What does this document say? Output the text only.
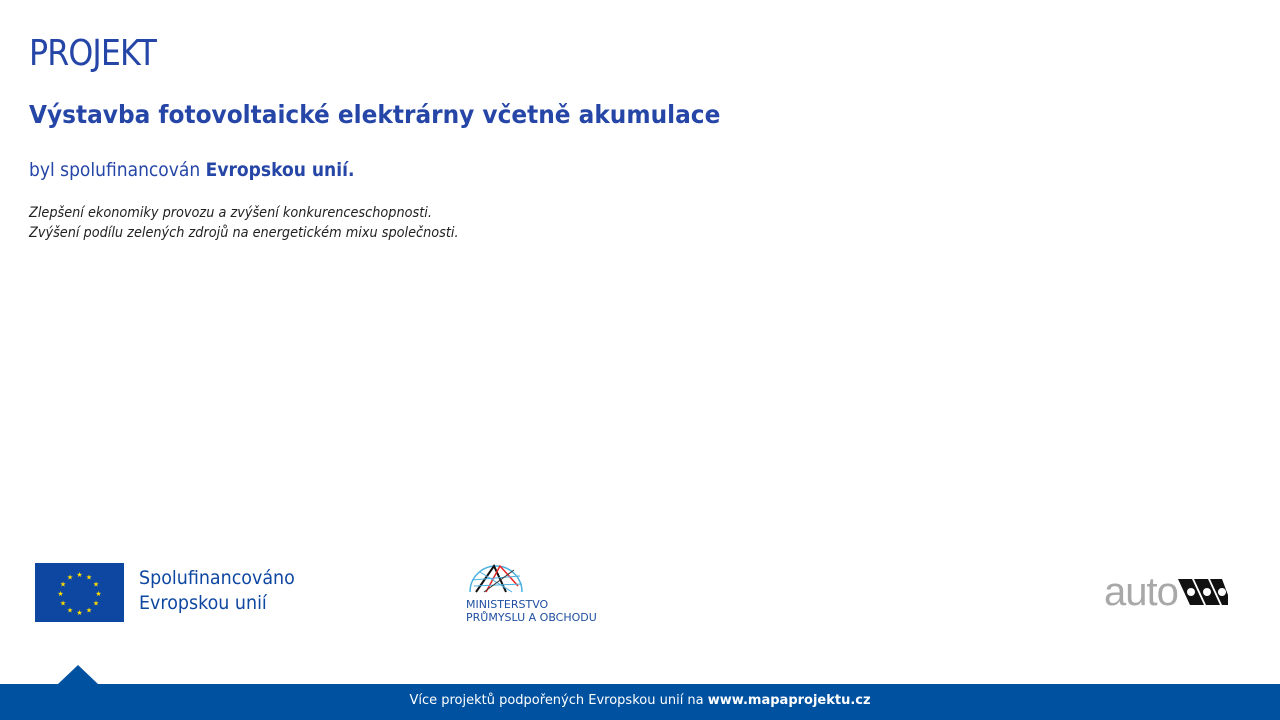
PROJEKT
Výstavba fotovoltaické elektrárny včetně akumulace
byl spolufinancován Evropskou unií.
Zlepšení ekonomiky provozu a zvýšení konkurenceschopnosti.
Zvýšení podílu zelených zdrojů na energetickém mixu společnosti.
★ ★
★
★
★
★
★
★
★
★
★
★	Spolufinancováno
Evropskou unií	MINISTERSTVO
PRŮMYSLU A OBCHODU
auto
Více projektů podpořených Evropskou unií na www.mapaprojektu.cz
